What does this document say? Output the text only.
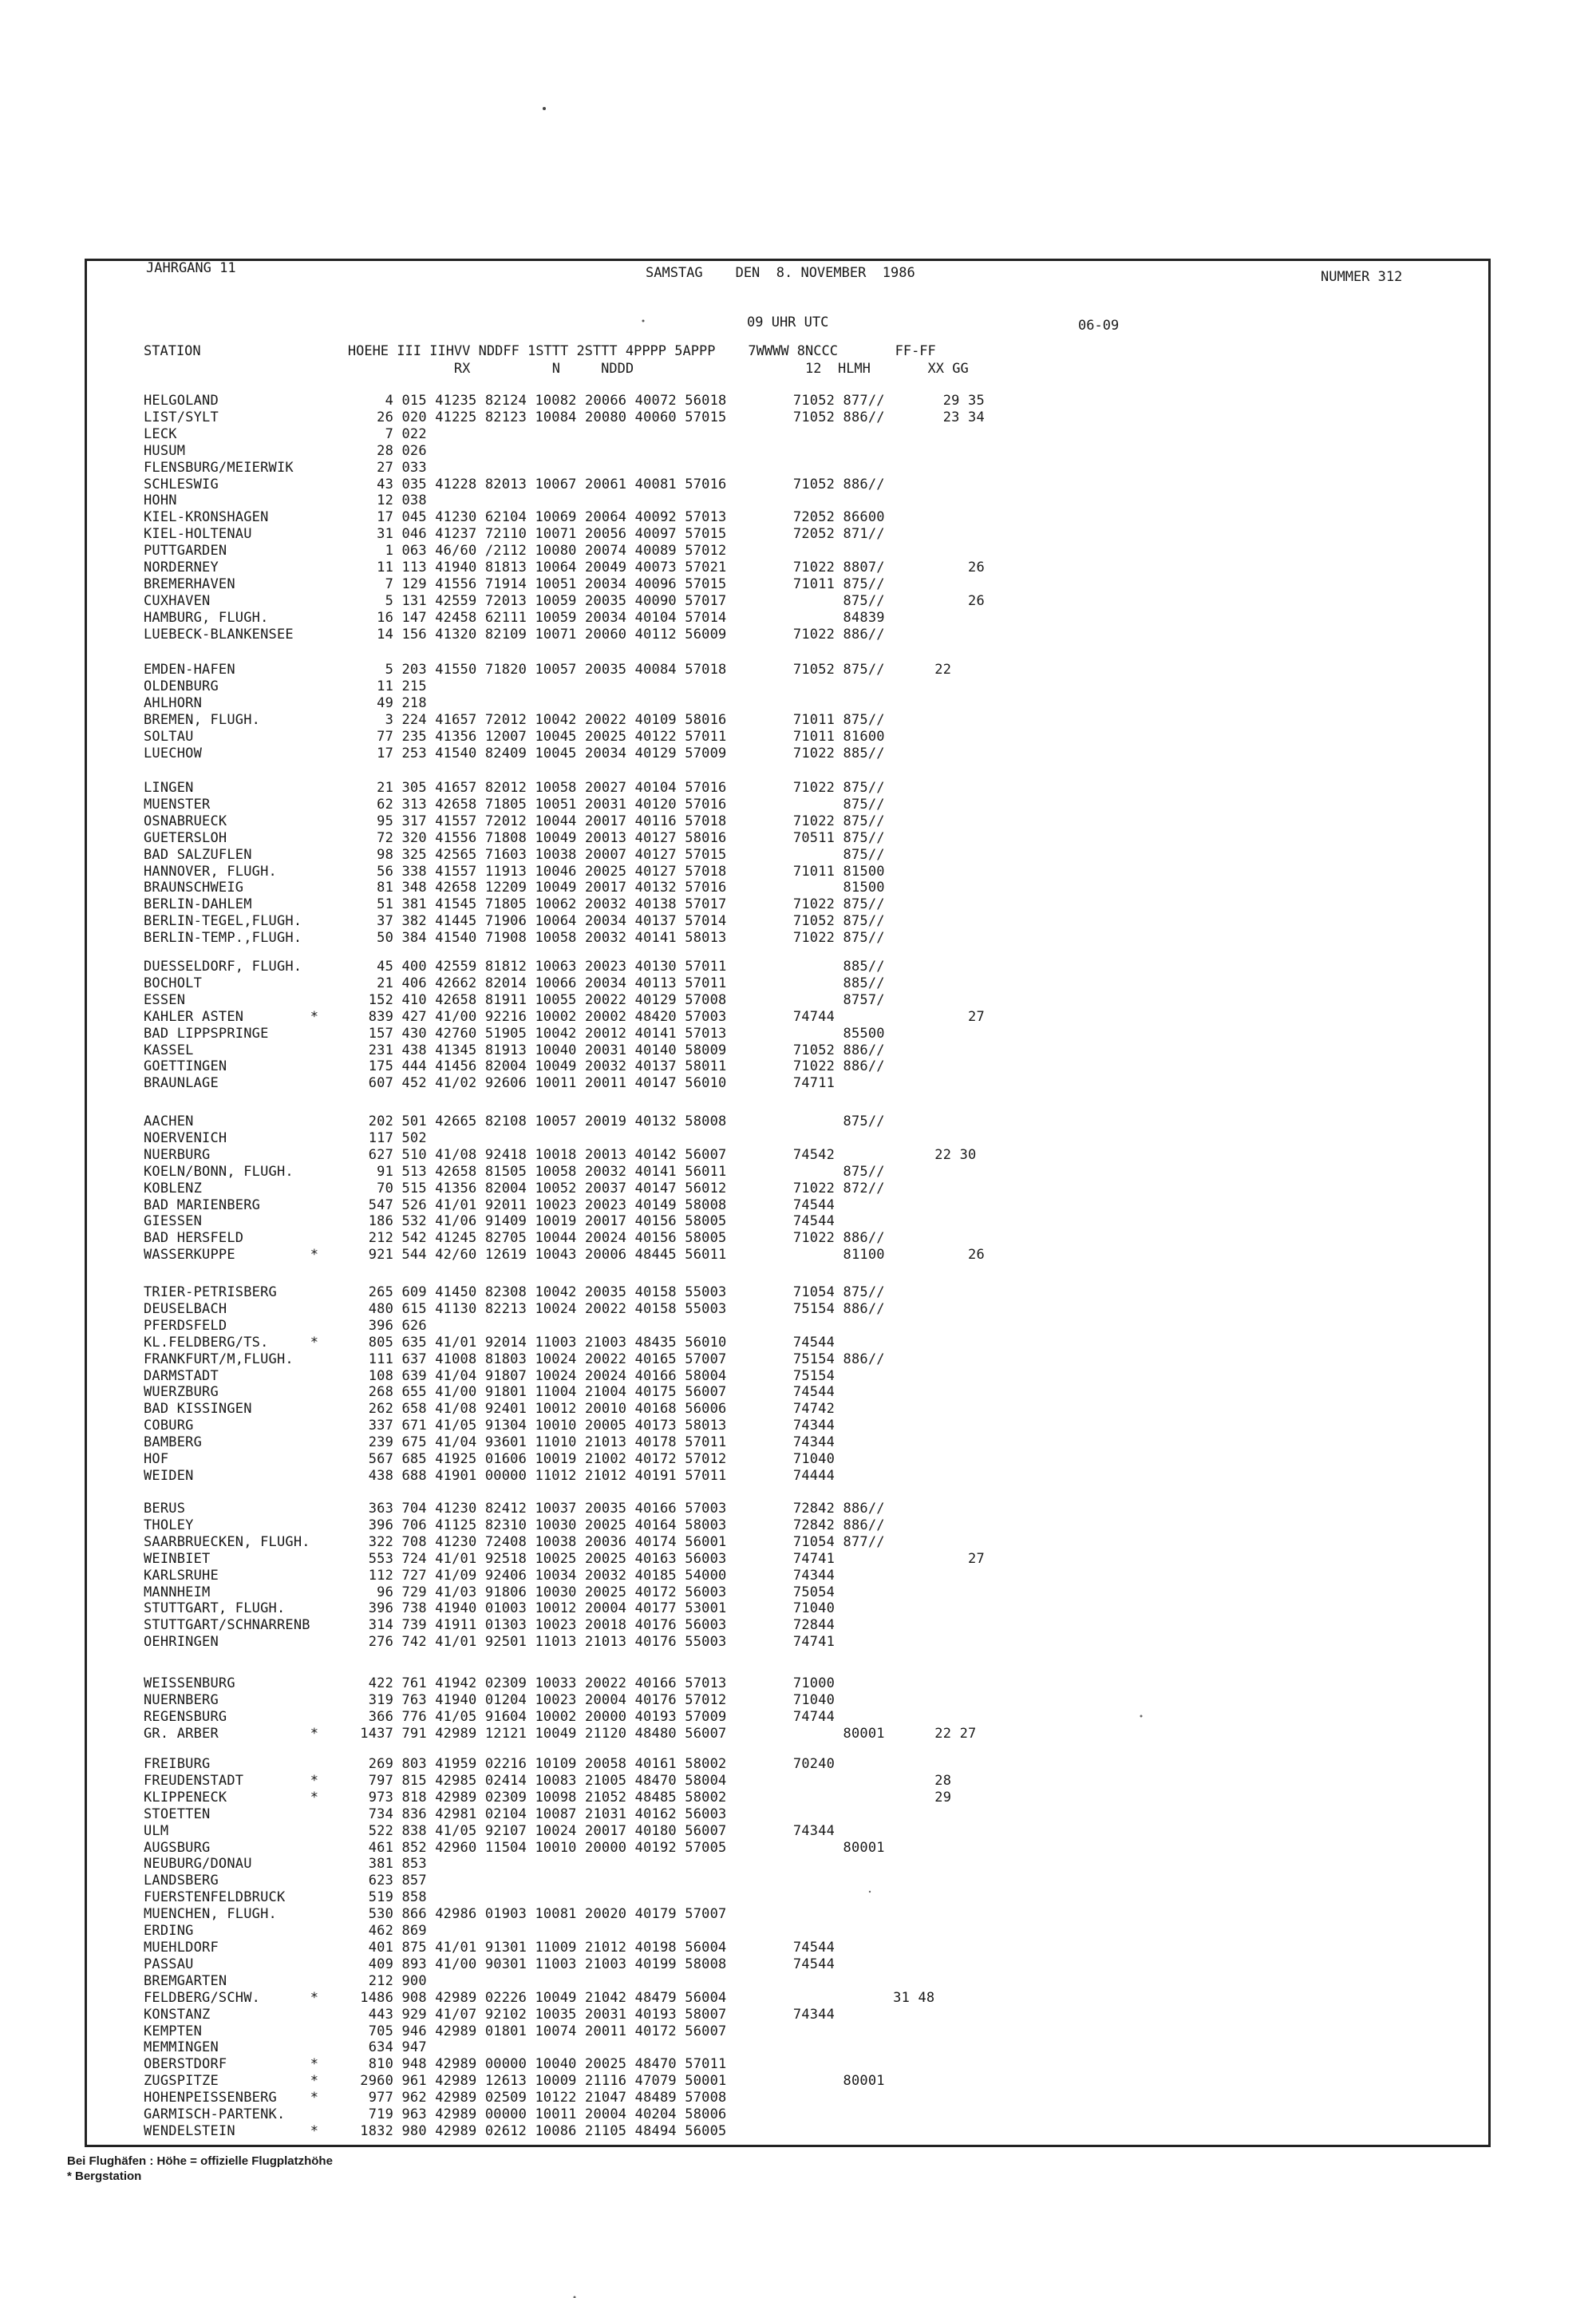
JAHRGANG 11	SAMSTAG    DEN  8. NOVEMBER  1986	NUMMER 312
09 UHR UTC	06-09
STATION                  HOEHE III IIHVV NDDFF 1STTT 2STTT 4PPPP 5APPP    7WWWW 8NCCC       FF-FF
RX          N     NDDD                     12  HLMH       XX GG
HELGOLAND                    4 015 41235 82124 10082 20066 40072 56018        71052 877//       29 35
LIST/SYLT                   26 020 41225 82123 10084 20080 40060 57015        71052 886//       23 34
LECK                         7 022
HUSUM                       28 026
FLENSBURG/MEIERWIK          27 033
SCHLESWIG                   43 035 41228 82013 10067 20061 40081 57016        71052 886//
HOHN                        12 038
KIEL-KRONSHAGEN             17 045 41230 62104 10069 20064 40092 57013        72052 86600
KIEL-HOLTENAU               31 046 41237 72110 10071 20056 40097 57015        72052 871//
PUTTGARDEN                   1 063 46/60 /2112 10080 20074 40089 57012
NORDERNEY                   11 113 41940 81813 10064 20049 40073 57021        71022 8807/          26
BREMERHAVEN                  7 129 41556 71914 10051 20034 40096 57015        71011 875//
CUXHAVEN                     5 131 42559 72013 10059 20035 40090 57017              875//          26
HAMBURG, FLUGH.             16 147 42458 62111 10059 20034 40104 57014              84839
LUEBECK-BLANKENSEE          14 156 41320 82109 10071 20060 40112 56009        71022 886//
EMDEN-HAFEN                  5 203 41550 71820 10057 20035 40084 57018        71052 875//      22
OLDENBURG                   11 215
AHLHORN                     49 218
BREMEN, FLUGH.               3 224 41657 72012 10042 20022 40109 58016        71011 875//
SOLTAU                      77 235 41356 12007 10045 20025 40122 57011        71011 81600
LUECHOW                     17 253 41540 82409 10045 20034 40129 57009        71022 885//
LINGEN                      21 305 41657 82012 10058 20027 40104 57016        71022 875//
MUENSTER                    62 313 42658 71805 10051 20031 40120 57016              875//
OSNABRUECK                  95 317 41557 72012 10044 20017 40116 57018        71022 875//
GUETERSLOH                  72 320 41556 71808 10049 20013 40127 58016        70511 875//
BAD SALZUFLEN               98 325 42565 71603 10038 20007 40127 57015              875//
HANNOVER, FLUGH.            56 338 41557 11913 10046 20025 40127 57018        71011 81500
BRAUNSCHWEIG                81 348 42658 12209 10049 20017 40132 57016              81500
BERLIN-DAHLEM               51 381 41545 71805 10062 20032 40138 57017        71022 875//
BERLIN-TEGEL,FLUGH.         37 382 41445 71906 10064 20034 40137 57014        71052 875//
BERLIN-TEMP.,FLUGH.         50 384 41540 71908 10058 20032 40141 58013        71022 875//
DUESSELDORF, FLUGH.         45 400 42559 81812 10063 20023 40130 57011              885//
BOCHOLT                     21 406 42662 82014 10066 20034 40113 57011              885//
ESSEN                      152 410 42658 81911 10055 20022 40129 57008              8757/
KAHLER ASTEN        *      839 427 41/00 92216 10002 20002 48420 57003        74744                27
BAD LIPPSPRINGE            157 430 42760 51905 10042 20012 40141 57013              85500
KASSEL                     231 438 41345 81913 10040 20031 40140 58009        71052 886//
GOETTINGEN                 175 444 41456 82004 10049 20032 40137 58011        71022 886//
BRAUNLAGE                  607 452 41/02 92606 10011 20011 40147 56010        74711
AACHEN                     202 501 42665 82108 10057 20019 40132 58008              875//
NOERVENICH                 117 502
NUERBURG                   627 510 41/08 92418 10018 20013 40142 56007        74542            22 30
KOELN/BONN, FLUGH.          91 513 42658 81505 10058 20032 40141 56011              875//
KOBLENZ                     70 515 41356 82004 10052 20037 40147 56012        71022 872//
BAD MARIENBERG             547 526 41/01 92011 10023 20023 40149 58008        74544
GIESSEN                    186 532 41/06 91409 10019 20017 40156 58005        74544
BAD HERSFELD               212 542 41245 82705 10044 20024 40156 58005        71022 886//
WASSERKUPPE         *      921 544 42/60 12619 10043 20006 48445 56011              81100          26
TRIER-PETRISBERG           265 609 41450 82308 10042 20035 40158 55003        71054 875//
DEUSELBACH                 480 615 41130 82213 10024 20022 40158 55003        75154 886//
PFERDSFELD                 396 626
KL.FELDBERG/TS.     *      805 635 41/01 92014 11003 21003 48435 56010        74544
FRANKFURT/M,FLUGH.         111 637 41008 81803 10024 20022 40165 57007        75154 886//
DARMSTADT                  108 639 41/04 91807 10024 20024 40166 58004        75154
WUERZBURG                  268 655 41/00 91801 11004 21004 40175 56007        74544
BAD KISSINGEN              262 658 41/08 92401 10012 20010 40168 56006        74742
COBURG                     337 671 41/05 91304 10010 20005 40173 58013        74344
BAMBERG                    239 675 41/04 93601 11010 21013 40178 57011        74344
HOF                        567 685 41925 01606 10019 21002 40172 57012        71040
WEIDEN                     438 688 41901 00000 11012 21012 40191 57011        74444
BERUS                      363 704 41230 82412 10037 20035 40166 57003        72842 886//
THOLEY                     396 706 41125 82310 10030 20025 40164 58003        72842 886//
SAARBRUECKEN, FLUGH.       322 708 41230 72408 10038 20036 40174 56001        71054 877//
WEINBIET                   553 724 41/01 92518 10025 20025 40163 56003        74741                27
KARLSRUHE                  112 727 41/09 92406 10034 20032 40185 54000        74344
MANNHEIM                    96 729 41/03 91806 10030 20025 40172 56003        75054
STUTTGART, FLUGH.          396 738 41940 01003 10012 20004 40177 53001        71040
STUTTGART/SCHNARRENB       314 739 41911 01303 10023 20018 40176 56003        72844
OEHRINGEN                  276 742 41/01 92501 11013 21013 40176 55003        74741
WEISSENBURG                422 761 41942 02309 10033 20022 40166 57013        71000
NUERNBERG                  319 763 41940 01204 10023 20004 40176 57012        71040
REGENSBURG                 366 776 41/05 91604 10002 20000 40193 57009        74744
GR. ARBER           *     1437 791 42989 12121 10049 21120 48480 56007              80001      22 27
FREIBURG                   269 803 41959 02216 10109 20058 40161 58002        70240
FREUDENSTADT        *      797 815 42985 02414 10083 21005 48470 58004                         28
KLIPPENECK          *      973 818 42989 02309 10098 21052 48485 58002                         29
STOETTEN                   734 836 42981 02104 10087 21031 40162 56003
ULM                        522 838 41/05 92107 10024 20017 40180 56007        74344
AUGSBURG                   461 852 42960 11504 10010 20000 40192 57005              80001
NEUBURG/DONAU              381 853
LANDSBERG                  623 857
FUERSTENFELDBRUCK          519 858
MUENCHEN, FLUGH.           530 866 42986 01903 10081 20020 40179 57007
ERDING                     462 869
MUEHLDORF                  401 875 41/01 91301 11009 21012 40198 56004        74544
PASSAU                     409 893 41/00 90301 11003 21003 40199 58008        74544
BREMGARTEN                 212 900
FELDBERG/SCHW.      *     1486 908 42989 02226 10049 21042 48479 56004                    31 48
KONSTANZ                   443 929 41/07 92102 10035 20031 40193 58007        74344
KEMPTEN                    705 946 42989 01801 10074 20011 40172 56007
MEMMINGEN                  634 947
OBERSTDORF          *      810 948 42989 00000 10040 20025 48470 57011
ZUGSPITZE           *     2960 961 42989 12613 10009 21116 47079 50001              80001
HOHENPEISSENBERG    *      977 962 42989 02509 10122 21047 48489 57008
GARMISCH-PARTENK.          719 963 42989 00000 10011 20004 40204 58006
WENDELSTEIN         *     1832 980 42989 02612 10086 21105 48494 56005
Bei Flughäfen : Höhe = offizielle Flugplatzhöhe
* Bergstation
